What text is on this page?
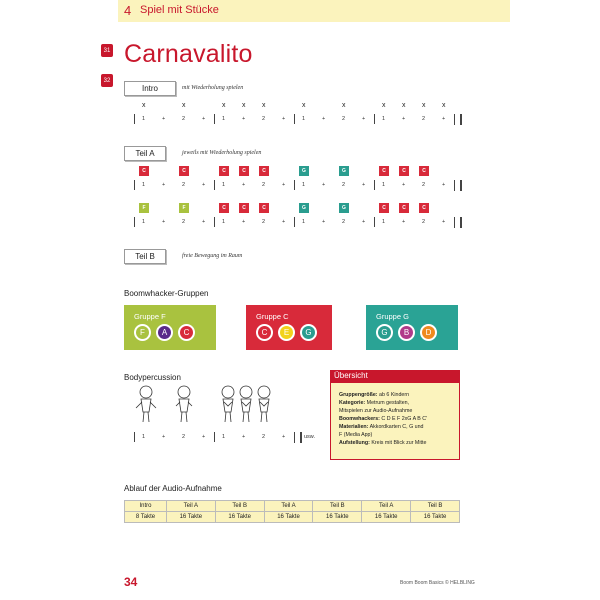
4 Spiel mit Stücke
31
32
Carnavalito
Intro	mit Wiederholung spielen
x	x	x x x	x	x	x x x x
1	+	2	+	1	+	2	+	1	+	2	+	1	+	2	+
Teil A	jeweils mit Wiederholung spielen
C	C	C	C	C	G	G	C	C	C
1	+	2	+	1	+	2	+	1	+	2	+	1	+	2	+
F	F	C	C	C	G	G	C	C	C
1	+	2	+	1	+	2	+	1	+	2	+	1	+	2	+
Teil B	freie Bewegung im Raum
Boomwhacker-Gruppen
Gruppe F
F	A	C
Gruppe C
C	E	G
Gruppe G
G	B	D
Bodypercussion
1	+	2	+	1	+	2	+	usw.
Übersicht
Gruppengröße: ab 6 Kindern
Kategorie: Metrum gestalten,
Mitspielen zur Audio-Aufnahme
Boomwhackers: C D E F 2xG A B C'
Materialien: Akkordkarten C, G und
F (Media App)
Aufstellung: Kreis mit Blick zur Mitte
Ablauf der Audio-Aufnahme
Intro	Teil A	Teil B	Teil A	Teil B	Teil A	Teil B
8 Takte	16 Takte	16 Takte	16 Takte	16 Takte	16 Takte	16 Takte
34	Boom Boom Basics © HELBLING
